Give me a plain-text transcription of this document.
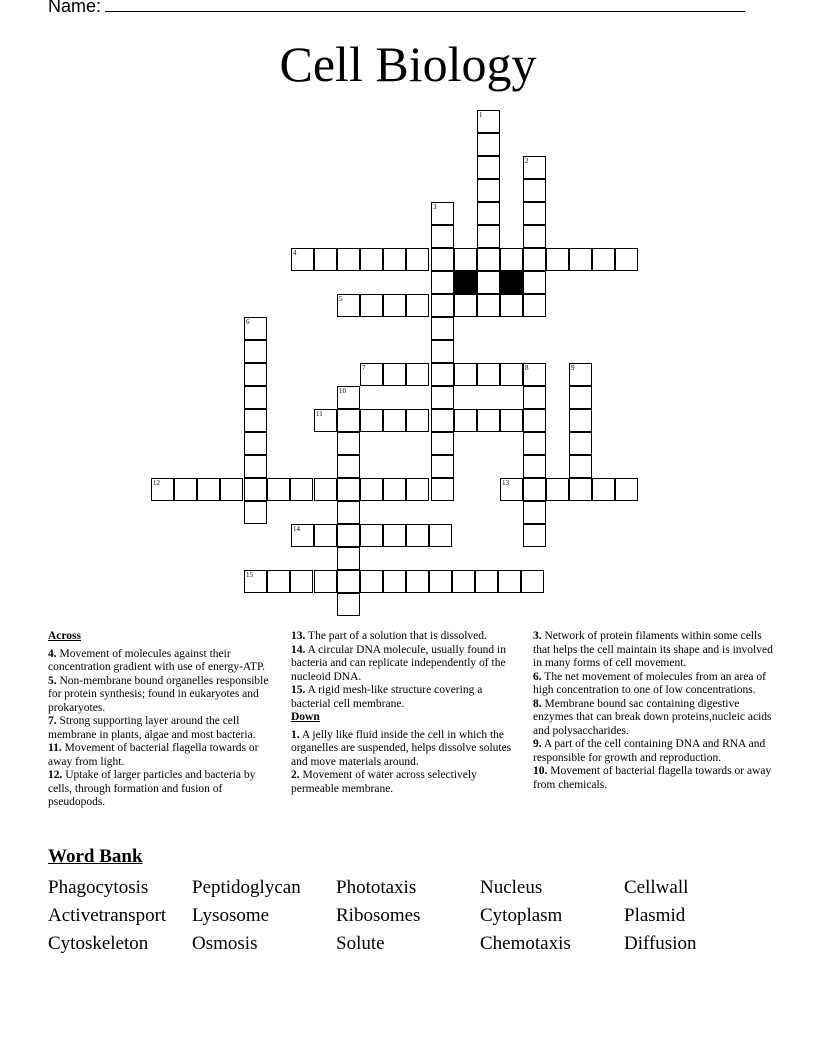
Name:
Cell Biology
1
2
3
4
5
6
7	8	9
10
11
12	13
14
15
Across
4. Movement of molecules against their concentration gradient with use of energy-ATP.
5. Non-membrane bound organelles responsible for protein synthesis; found in eukaryotes and prokaryotes.
7. Strong supporting layer around the cell membrane in plants, algae and most bacteria.
11. Movement of bacterial flagella towards or away from light.
12. Uptake of larger particles and bacteria by cells, through formation and fusion of pseudopods.
13. The part of a solution that is dissolved.
14. A circular DNA molecule, usually found in bacteria and can replicate independently of the nucleoid DNA.
15. A rigid mesh-like structure covering a bacterial cell membrane.
Down
1. A jelly like fluid inside the cell in which the organelles are suspended, helps dissolve solutes and move materials around.
2. Movement of water across selectively permeable membrane.
3. Network of protein filaments within some cells that helps the cell maintain its shape and is involved in many forms of cell movement.
6. The net movement of molecules from an area of high concentration to one of low concentrations.
8. Membrane bound sac containing digestive enzymes that can break down proteins,nucleic acids and polysaccharides.
9. A part of the cell containing DNA and RNA and responsible for growth and reproduction.
10. Movement of bacterial flagella towards or away from chemicals.
Word Bank
Phagocytosis	Peptidoglycan	Phototaxis	Nucleus	Cellwall
Activetransport	Lysosome	Ribosomes	Cytoplasm	Plasmid
Cytoskeleton	Osmosis	Solute	Chemotaxis	Diffusion
